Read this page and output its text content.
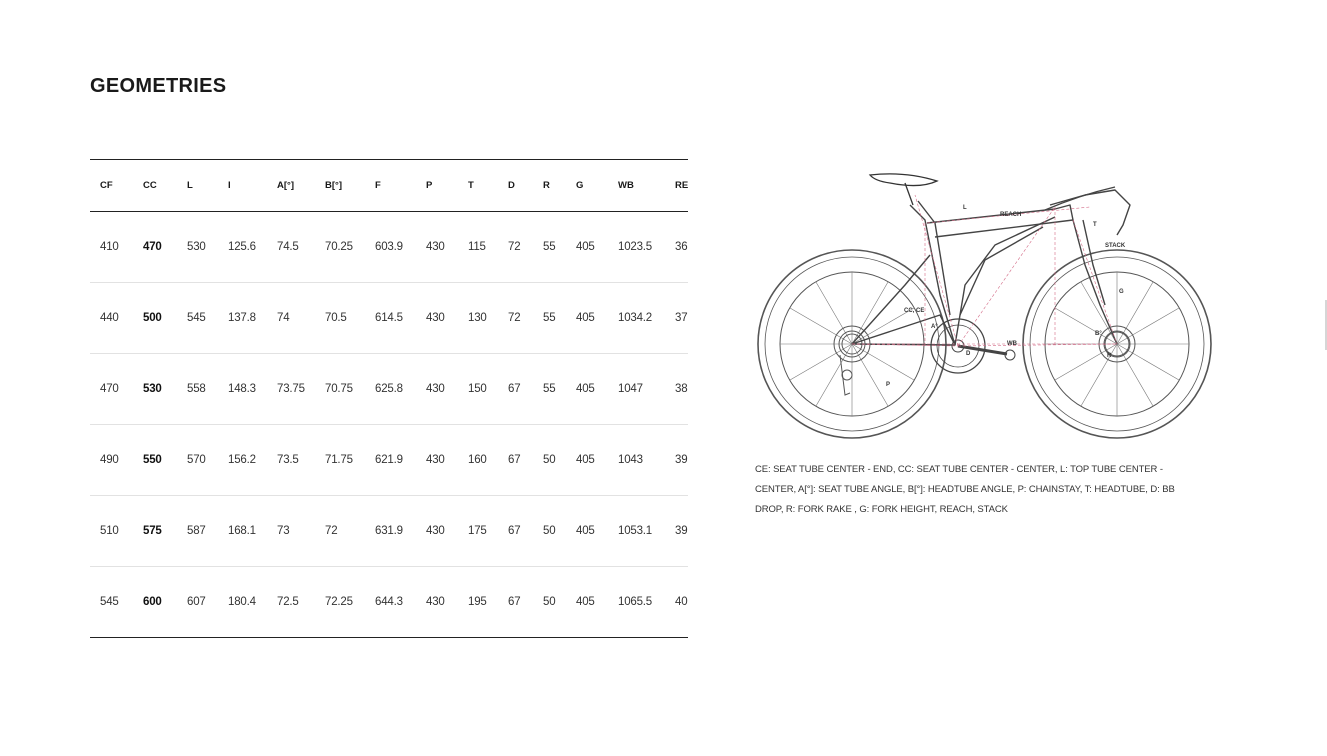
GEOMETRIES
CF	CC	L	I	A[°]	B[°]	F	P	T	D	R	G	WB	RE
410	470	530	125.6	74.5	70.25	603.9	430	115	72	55	405	1023.5	36
440	500	545	137.8	74	70.5	614.5	430	130	72	55	405	1034.2	37
470	530	558	148.3	73.75	70.75	625.8	430	150	67	55	405	1047	38
490	550	570	156.2	73.5	71.75	621.9	430	160	67	50	405	1043	39
510	575	587	168.1	73	72	631.9	430	175	67	50	405	1053.1	39
545	600	607	180.4	72.5	72.25	644.3	430	195	67	50	405	1065.5	40
L
REACH
T
STACK
G
CC, CE
A°
B°
D
WB
P
R

CE: SEAT TUBE CENTER - END, CC: SEAT TUBE CENTER - CENTER, L: TOP TUBE CENTER - CENTER, A[°]: SEAT TUBE ANGLE, B[°]: HEADTUBE ANGLE, P: CHAINSTAY, T: HEADTUBE, D: BB DROP, R: FORK RAKE , G: FORK HEIGHT, REACH, STACK
